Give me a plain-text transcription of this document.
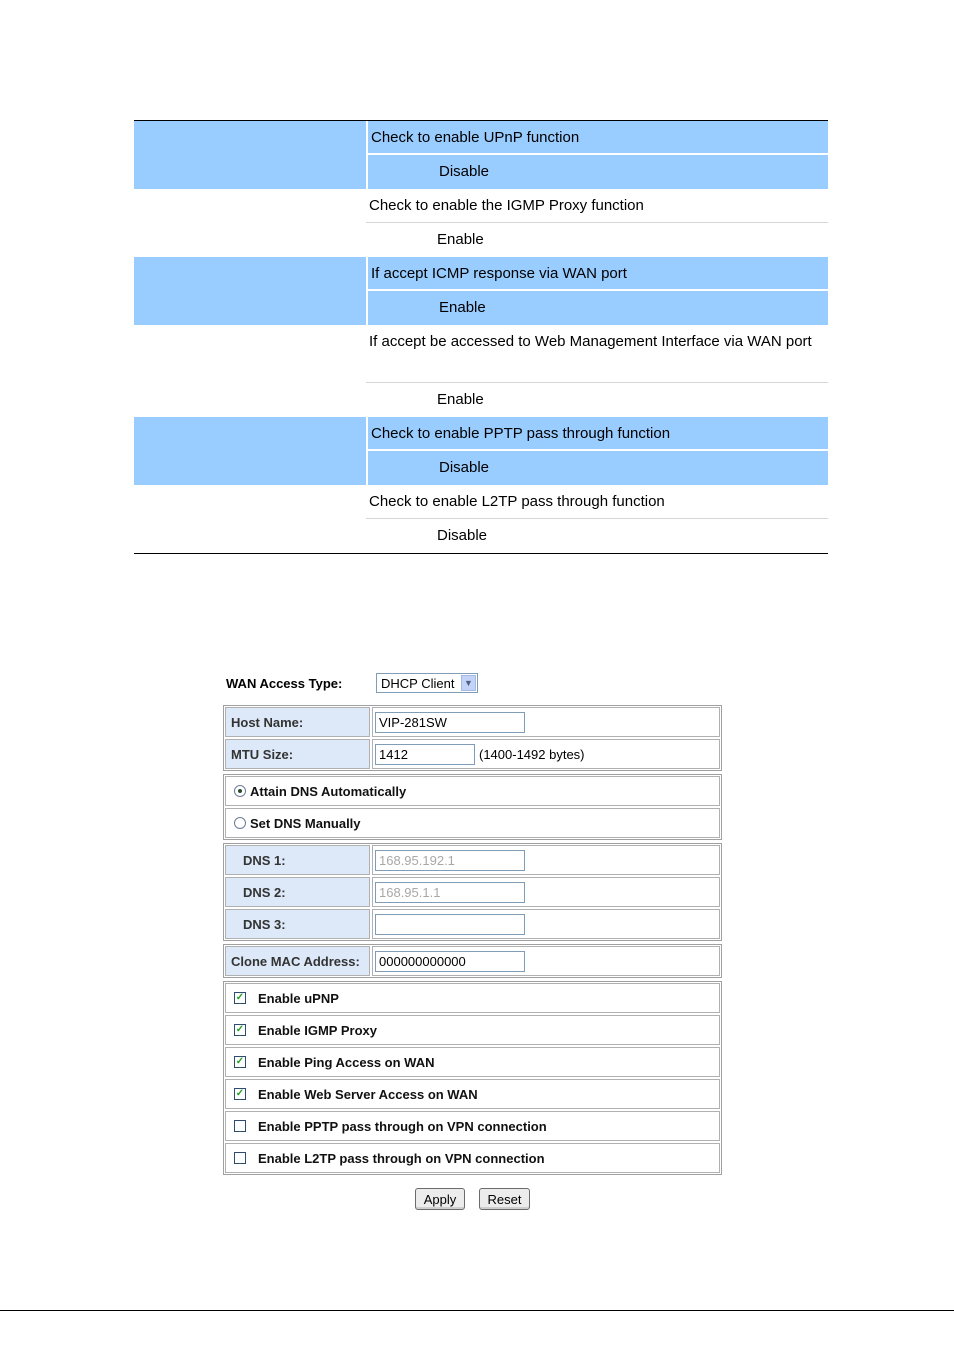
Check to enable UPnP function
Disable
Check to enable the IGMP Proxy function
Enable
If accept ICMP response via WAN port
Enable
If accept be accessed to Web Management Interface via WAN port
Enable
Check to enable PPTP pass through function
Disable
Check to enable L2TP pass through function
Disable
WAN Access Type:	DHCP Client	▼
Host Name:	VIP-281SW
MTU Size:	1412	(1400-1492 bytes)
Attain DNS Automatically
Set DNS Manually
DNS 1:	168.95.192.1
DNS 2:	168.95.1.1
DNS 3:
Clone MAC Address:	000000000000
✓ Enable uPNP
✓ Enable IGMP Proxy
✓ Enable Ping Access on WAN
✓ Enable Web Server Access on WAN
Enable PPTP pass through on VPN connection
Enable L2TP pass through on VPN connection
Apply	Reset
